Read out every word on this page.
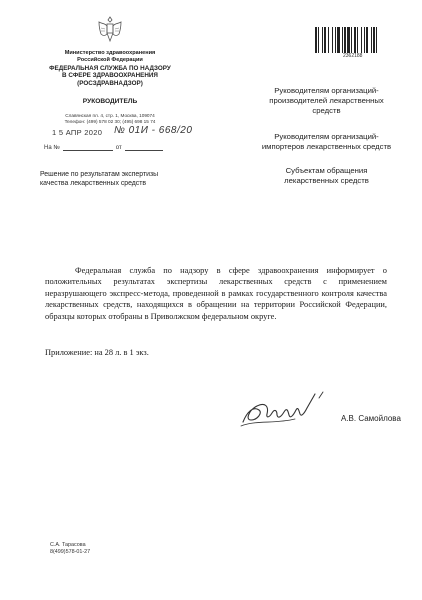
Министерство здравоохранения
Российской Федерации
ФЕДЕРАЛЬНАЯ СЛУЖБА ПО НАДЗОРУ
В СФЕРЕ ЗДРАВООХРАНЕНИЯ
(РОСЗДРАВНАДЗОР)
РУКОВОДИТЕЛЬ
Славянская пл. 4, стр. 1, Москва, 109074
Телефон: (499) 578 02 30; (495) 698 15 74
1 5 АПР 2020 № 01И - 668/20
На №	от
Решение по результатам экспертизы
качества лекарственных средств
2362188
Руководителям организаций-
производителей лекарственных
средств
Руководителям организаций-
импортеров лекарственных средств
Субъектам обращения
лекарственных средств

Федеральная служба по надзору в сфере здравоохранения информирует о положительных результатах экспертизы лекарственных средств с применением неразрушающего экспресс-метода, проведенной в рамках государственного контроля качества лекарственных средств, находящихся в обращении на территории Российской Федерации, образцы которых отобраны в Приволжском федеральном округе.

Приложение: на 28 л. в 1 экз.
А.В. Самойлова
С.А. Тарасова
8(499)578-01-27
